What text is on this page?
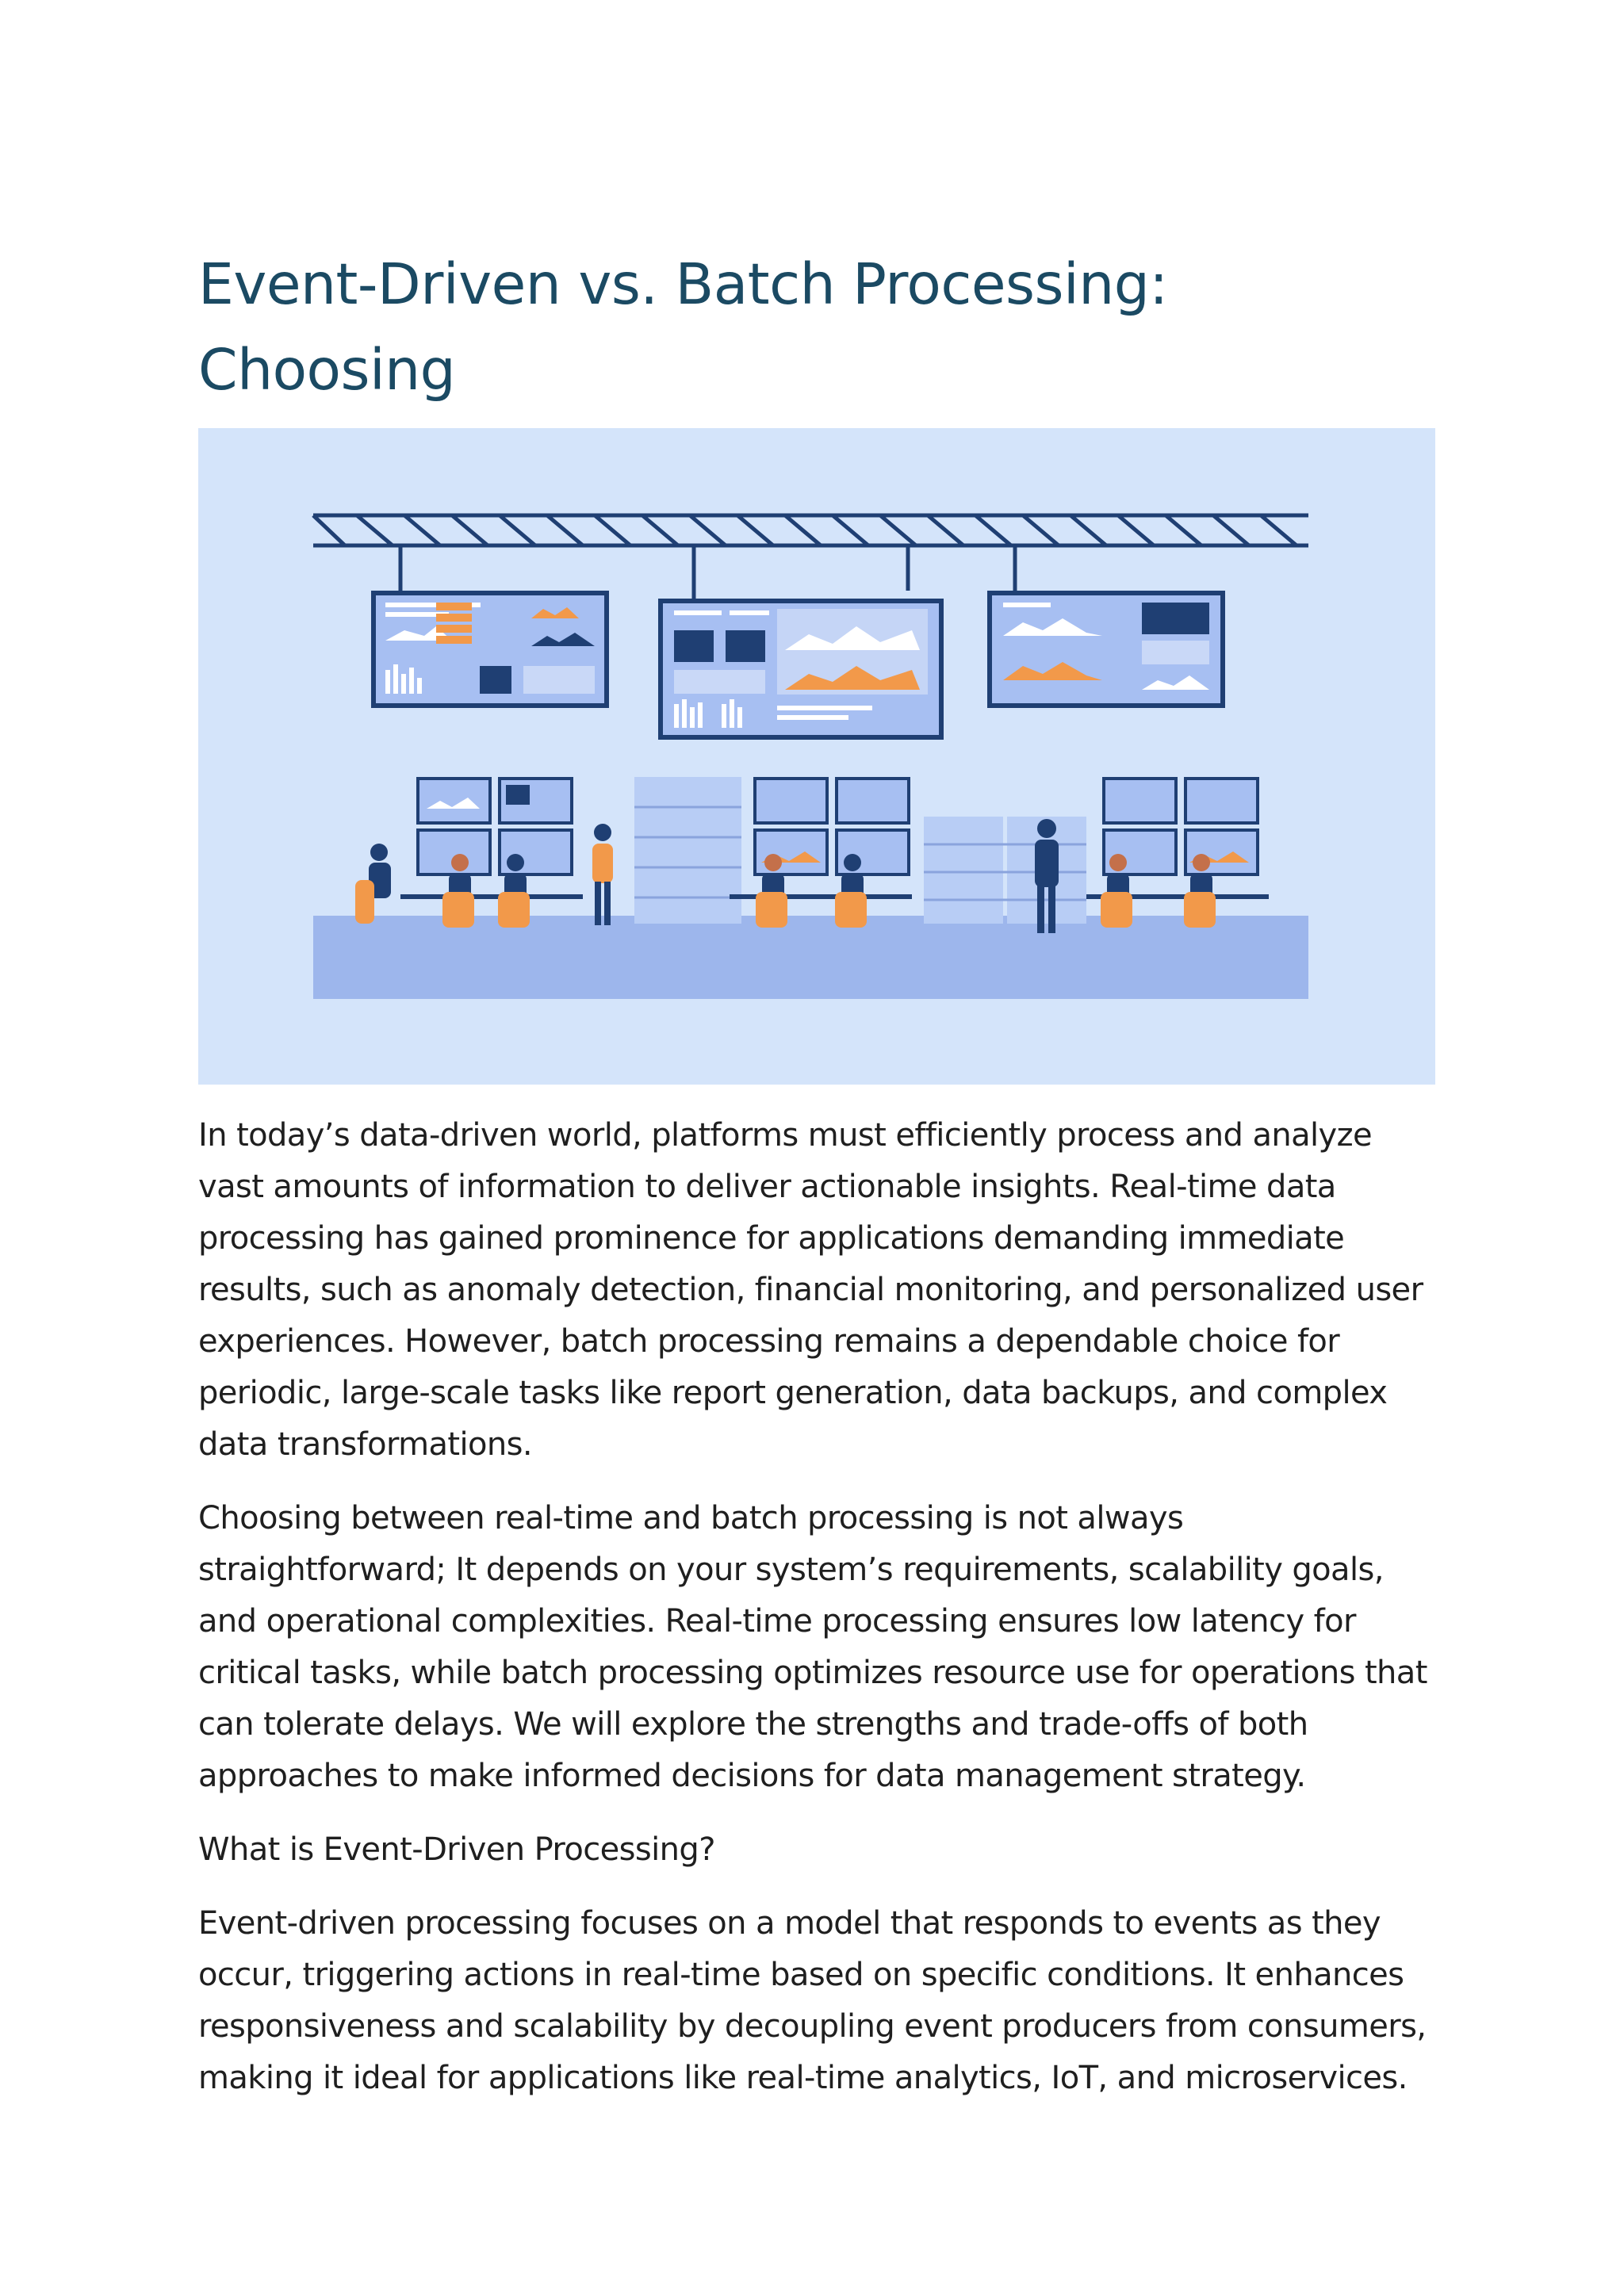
Event-Driven vs. Batch Processing: Choosing

In today’s data-driven world, platforms must efficiently process and analyze vast amounts of information to deliver actionable insights. Real-time data processing has gained prominence for applications demanding immediate results, such as anomaly detection, financial monitoring, and personalized user experiences. However, batch processing remains a dependable choice for periodic, large-scale tasks like report generation, data backups, and complex data transformations.

Choosing between real-time and batch processing is not always straightforward; It depends on your system’s requirements, scalability goals, and operational complexities. Real-time processing ensures low latency for critical tasks, while batch processing optimizes resource use for operations that can tolerate delays. We will explore the strengths and trade-offs of both approaches to make informed decisions for data management strategy.

What is Event-Driven Processing?

Event-driven processing focuses on a model that responds to events as they occur, triggering actions in real-time based on specific conditions. It enhances responsiveness and scalability by decoupling event producers from consumers, making it ideal for applications like real-time analytics, IoT, and microservices.
